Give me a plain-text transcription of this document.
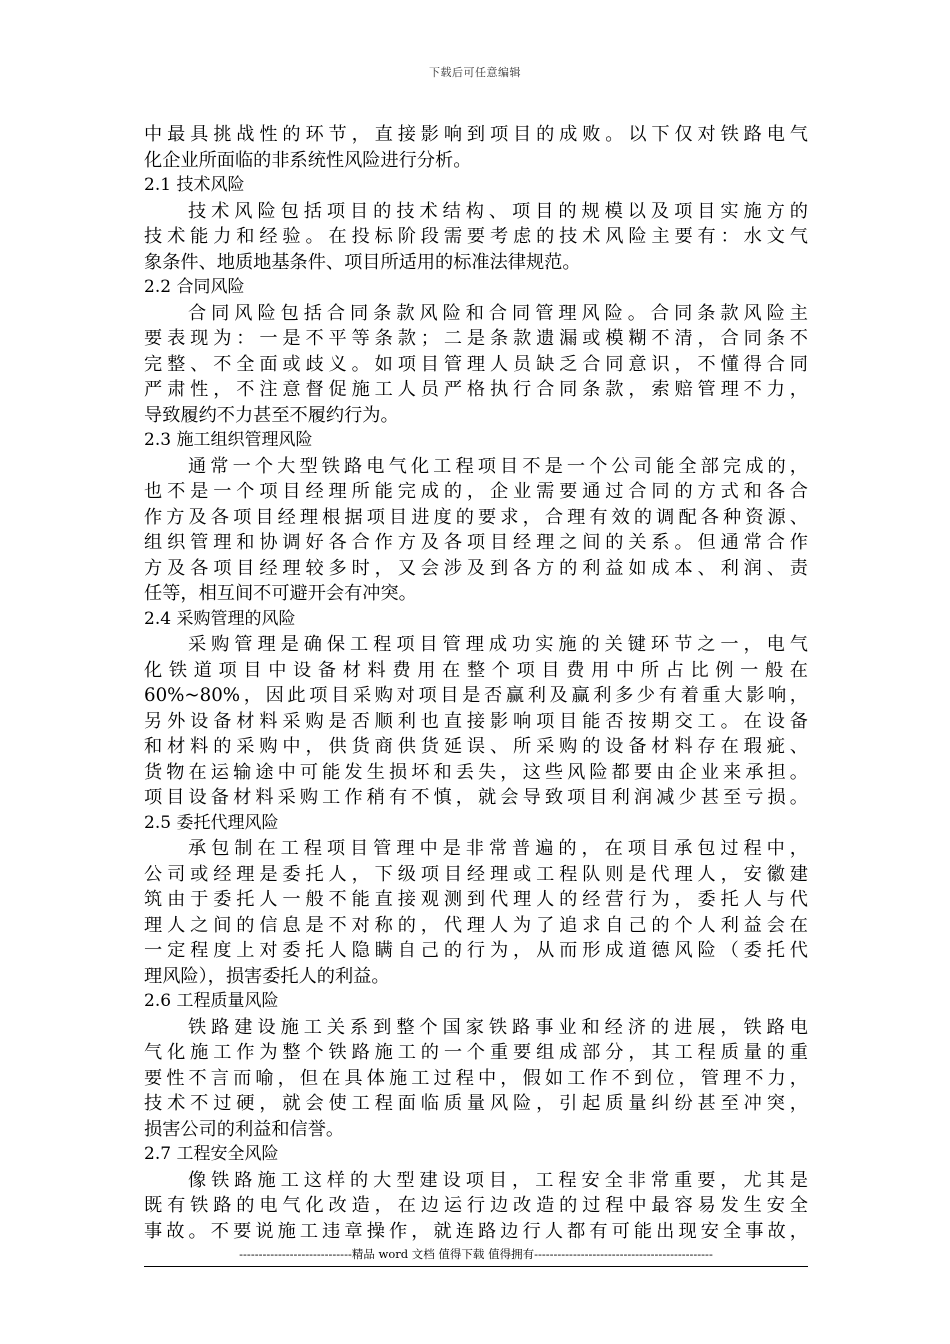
下载后可任意编辑
中最具挑战性的环节，直接影响到项目的成败。以下仅对铁路电气
化企业所面临的非系统性风险进行分析。
2.1 技术风险
技术风险包括项目的技术结构、项目的规模以及项目实施方的
技术能力和经验。在投标阶段需要考虑的技术风险主要有：水文气
象条件、地质地基条件、项目所适用的标准法律规范。
2.2 合同风险
合同风险包括合同条款风险和合同管理风险。合同条款风险主
要表现为：一是不平等条款；二是条款遗漏或模糊不清，合同条不
完整、不全面或歧义。如项目管理人员缺乏合同意识，不懂得合同
严肃性，不注意督促施工人员严格执行合同条款，索赔管理不力，
导致履约不力甚至不履约行为。
2.3 施工组织管理风险
通常一个大型铁路电气化工程项目不是一个公司能全部完成的，
也不是一个项目经理所能完成的，企业需要通过合同的方式和各合
作方及各项目经理根据项目进度的要求，合理有效的调配各种资源、
组织管理和协调好各合作方及各项目经理之间的关系。但通常合作
方及各项目经理较多时，又会涉及到各方的利益如成本、利润、责
任等，相互间不可避开会有冲突。
2.4 采购管理的风险
采购管理是确保工程项目管理成功实施的关键环节之一，电气
化铁道项目中设备材料费用在整个项目费用中所占比例一般在
60%~80%，因此项目采购对项目是否赢利及赢利多少有着重大影响，
另外设备材料采购是否顺利也直接影响项目能否按期交工。在设备
和材料的采购中，供货商供货延误、所采购的设备材料存在瑕疵、
货物在运输途中可能发生损坏和丢失，这些风险都要由企业来承担。
项目设备材料采购工作稍有不慎，就会导致项目利润减少甚至亏损。
2.5 委托代理风险
承包制在工程项目管理中是非常普遍的，在项目承包过程中，
公司或经理是委托人，下级项目经理或工程队则是代理人，安徽建
筑由于委托人一般不能直接观测到代理人的经营行为，委托人与代
理人之间的信息是不对称的，代理人为了追求自己的个人利益会在
一定程度上对委托人隐瞒自己的行为，从而形成道德风险（委托代
理风险），损害委托人的利益。
2.6 工程质量风险
铁路建设施工关系到整个国家铁路事业和经济的进展，铁路电
气化施工作为整个铁路施工的一个重要组成部分，其工程质量的重
要性不言而喻，但在具体施工过程中，假如工作不到位，管理不力，
技术不过硬，就会使工程面临质量风险，引起质量纠纷甚至冲突，
损害公司的利益和信誉。
2.7 工程安全风险
像铁路施工这样的大型建设项目，工程安全非常重要，尤其是
既有铁路的电气化改造，在边运行边改造的过程中最容易发生安全
事故。不要说施工违章操作，就连路边行人都有可能出现安全事故，
-----------------------------精品 word 文档 值得下载 值得拥有----------------------------------------------
